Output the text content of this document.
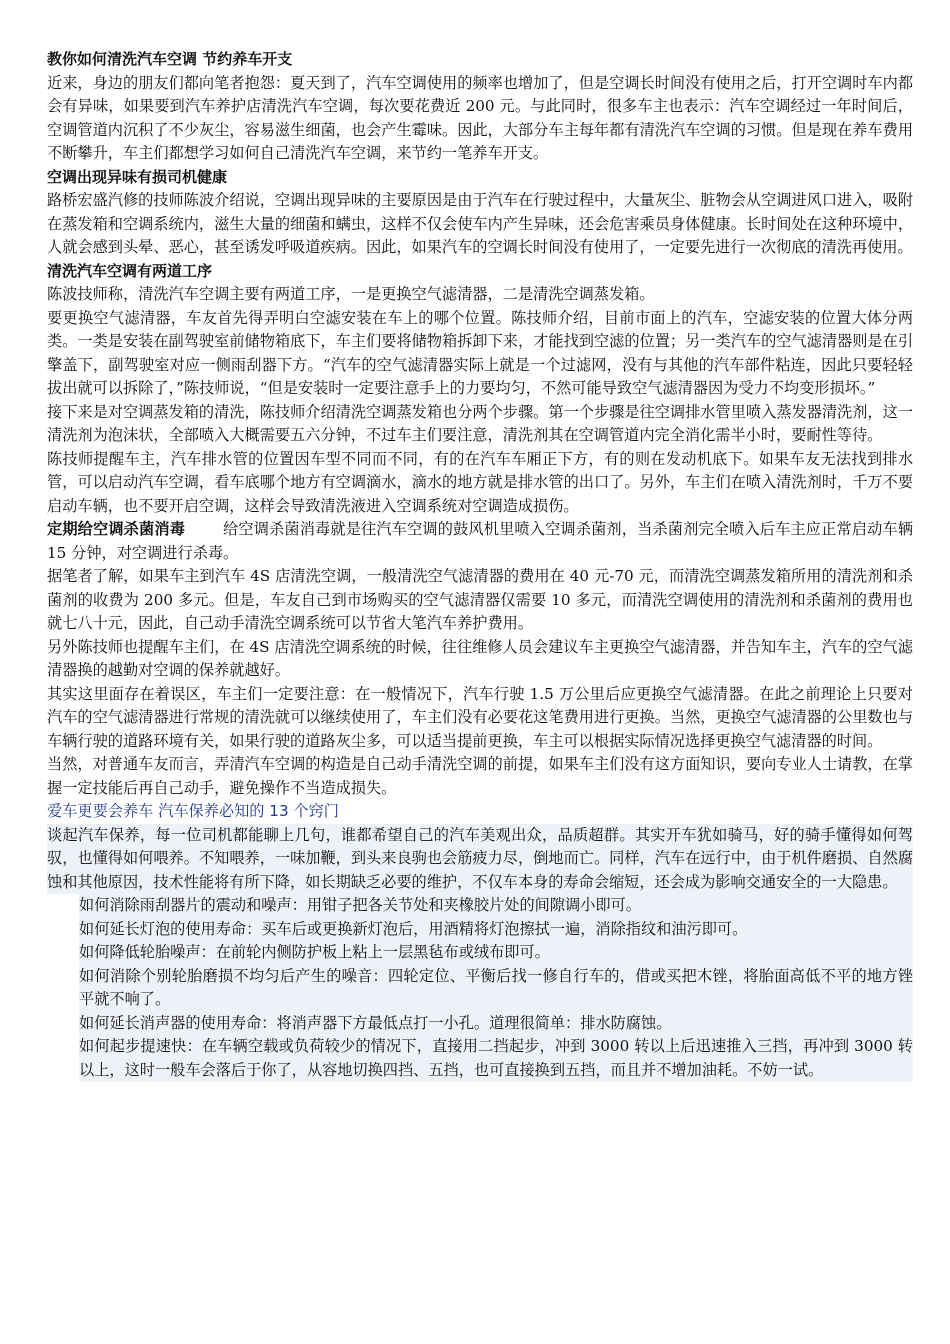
教你如何清洗汽车空调 节约养车开支

近来，身边的朋友们都向笔者抱怨：夏天到了，汽车空调使用的频率也增加了，但是空调长时间没有使用之后，打开空调时车内都会有异味，如果要到汽车养护店清洗汽车空调，每次要花费近 200 元。与此同时，很多车主也表示：汽车空调经过一年时间后，空调管道内沉积了不少灰尘，容易滋生细菌，也会产生霉味。因此，大部分车主每年都有清洗汽车空调的习惯。但是现在养车费用不断攀升，车主们都想学习如何自己清洗汽车空调，来节约一笔养车开支。

空调出现异味有损司机健康

路桥宏盛汽修的技师陈波介绍说，空调出现异味的主要原因是由于汽车在行驶过程中，大量灰尘、脏物会从空调进风口进入，吸附在蒸发箱和空调系统内，滋生大量的细菌和螨虫，这样不仅会使车内产生异味，还会危害乘员身体健康。长时间处在这种环境中，人就会感到头晕、恶心，甚至诱发呼吸道疾病。因此，如果汽车的空调长时间没有使用了，一定要先进行一次彻底的清洗再使用。

清洗汽车空调有两道工序

陈波技师称，清洗汽车空调主要有两道工序，一是更换空气滤清器，二是清洗空调蒸发箱。

要更换空气滤清器，车友首先得弄明白空滤安装在车上的哪个位置。陈技师介绍，目前市面上的汽车，空滤安装的位置大体分两类。一类是安装在副驾驶室前储物箱底下，车主们要将储物箱拆卸下来，才能找到空滤的位置；另一类汽车的空气滤清器则是在引擎盖下，副驾驶室对应一侧雨刮器下方。“汽车的空气滤清器实际上就是一个过滤网，没有与其他的汽车部件粘连，因此只要轻轻拔出就可以拆除了，”陈技师说，“但是安装时一定要注意手上的力要均匀，不然可能导致空气滤清器因为受力不均变形损坏。”

接下来是对空调蒸发箱的清洗，陈技师介绍清洗空调蒸发箱也分两个步骤。第一个步骤是往空调排水管里喷入蒸发器清洗剂，这一清洗剂为泡沫状，全部喷入大概需要五六分钟，不过车主们要注意，清洗剂其在空调管道内完全消化需半小时，要耐性等待。

陈技师提醒车主，汽车排水管的位置因车型不同而不同，有的在汽车车厢正下方，有的则在发动机底下。如果车友无法找到排水管，可以启动汽车空调，看车底哪个地方有空调滴水，滴水的地方就是排水管的出口了。另外，车主们在喷入清洗剂时，千万不要启动车辆，也不要开启空调，这样会导致清洗液进入空调系统对空调造成损伤。

定期给空调杀菌消毒	给空调杀菌消毒就是往汽车空调的鼓风机里喷入空调杀菌剂，当杀菌剂完全喷入后车主应正常启动车辆 15 分钟，对空调进行杀毒。

据笔者了解，如果车主到汽车 4S 店清洗空调，一般清洗空气滤清器的费用在 40 元-70 元，而清洗空调蒸发箱所用的清洗剂和杀菌剂的收费为 200 多元。但是，车友自己到市场购买的空气滤清器仅需要 10 多元，而清洗空调使用的清洗剂和杀菌剂的费用也就七八十元，因此，自己动手清洗空调系统可以节省大笔汽车养护费用。

另外陈技师也提醒车主们，在 4S 店清洗空调系统的时候，往往维修人员会建议车主更换空气滤清器，并告知车主，汽车的空气滤清器换的越勤对空调的保养就越好。

其实这里面存在着误区，车主们一定要注意：在一般情况下，汽车行驶 1.5 万公里后应更换空气滤清器。在此之前理论上只要对汽车的空气滤清器进行常规的清洗就可以继续使用了，车主们没有必要花这笔费用进行更换。当然，更换空气滤清器的公里数也与车辆行驶的道路环境有关，如果行驶的道路灰尘多，可以适当提前更换，车主可以根据实际情况选择更换空气滤清器的时间。

当然，对普通车友而言，弄清汽车空调的构造是自己动手清洗空调的前提，如果车主们没有这方面知识，要向专业人士请教，在掌握一定技能后再自己动手，避免操作不当造成损失。

爱车更要会养车 汽车保养必知的 13 个窍门

谈起汽车保养，每一位司机都能聊上几句，谁都希望自己的汽车美观出众，品质超群。其实开车犹如骑马，好的骑手懂得如何驾驭，也懂得如何喂养。不知喂养，一味加鞭，到头来良驹也会筋疲力尽，倒地而亡。同样，汽车在远行中，由于机件磨损、自然腐蚀和其他原因，技术性能将有所下降，如长期缺乏必要的维护，不仅车本身的寿命会缩短，还会成为影响交通安全的一大隐患。

如何消除雨刮器片的震动和噪声：用钳子把各关节处和夹橡胶片处的间隙调小即可。

如何延长灯泡的使用寿命：买车后或更换新灯泡后，用酒精将灯泡擦拭一遍，消除指纹和油污即可。

如何降低轮胎噪声：在前轮内侧防护板上粘上一层黑毡布或绒布即可。

如何消除个别轮胎磨损不均匀后产生的噪音：四轮定位、平衡后找一修自行车的，借或买把木锉，将胎面高低不平的地方锉平就不响了。

如何延长消声器的使用寿命：将消声器下方最低点打一小孔。道理很简单：排水防腐蚀。

如何起步提速快：在车辆空载或负荷较少的情况下，直接用二挡起步，冲到 3000 转以上后迅速推入三挡，再冲到 3000 转以上，这时一般车会落后于你了，从容地切换四挡、五挡，也可直接换到五挡，而且并不增加油耗。不妨一试。
